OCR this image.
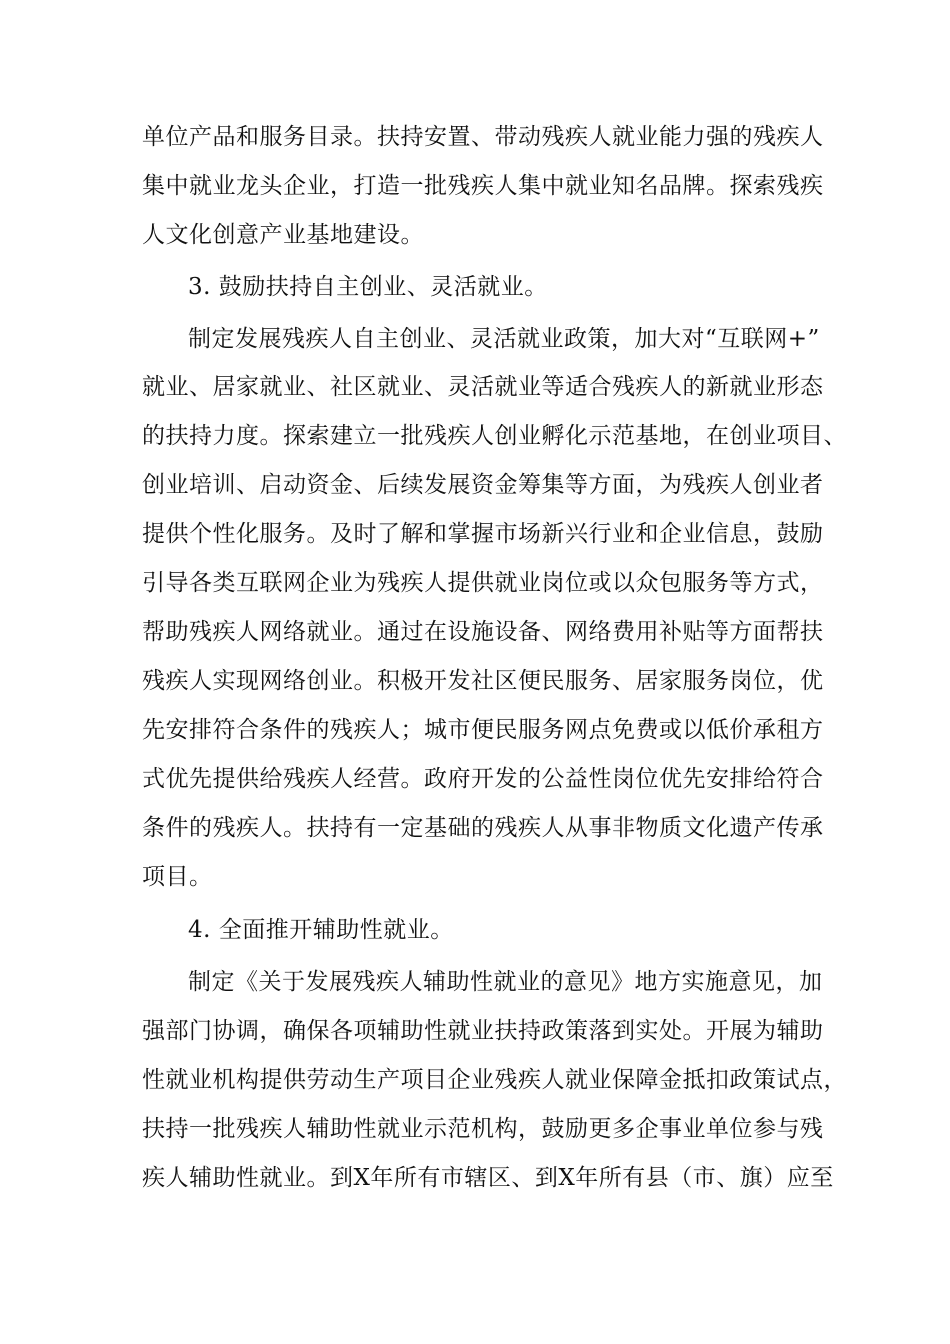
单位产品和服务目录。扶持安置、带动残疾人就业能力强的残疾人
集中就业龙头企业，打造一批残疾人集中就业知名品牌。探索残疾
人文化创意产业基地建设。
3. 鼓励扶持自主创业、灵活就业。
制定发展残疾人自主创业、灵活就业政策，加大对“互联网+”
就业、居家就业、社区就业、灵活就业等适合残疾人的新就业形态
的扶持力度。探索建立一批残疾人创业孵化示范基地，在创业项目、
创业培训、启动资金、后续发展资金筹集等方面，为残疾人创业者
提供个性化服务。及时了解和掌握市场新兴行业和企业信息，鼓励
引导各类互联网企业为残疾人提供就业岗位或以众包服务等方式，
帮助残疾人网络就业。通过在设施设备、网络费用补贴等方面帮扶
残疾人实现网络创业。积极开发社区便民服务、居家服务岗位，优
先安排符合条件的残疾人；城市便民服务网点免费或以低价承租方
式优先提供给残疾人经营。政府开发的公益性岗位优先安排给符合
条件的残疾人。扶持有一定基础的残疾人从事非物质文化遗产传承
项目。
4. 全面推开辅助性就业。
制定《关于发展残疾人辅助性就业的意见》地方实施意见，加
强部门协调，确保各项辅助性就业扶持政策落到实处。开展为辅助
性就业机构提供劳动生产项目企业残疾人就业保障金抵扣政策试点，
扶持一批残疾人辅助性就业示范机构，鼓励更多企事业单位参与残
疾人辅助性就业。到X年所有市辖区、到X年所有县（市、旗）应至
